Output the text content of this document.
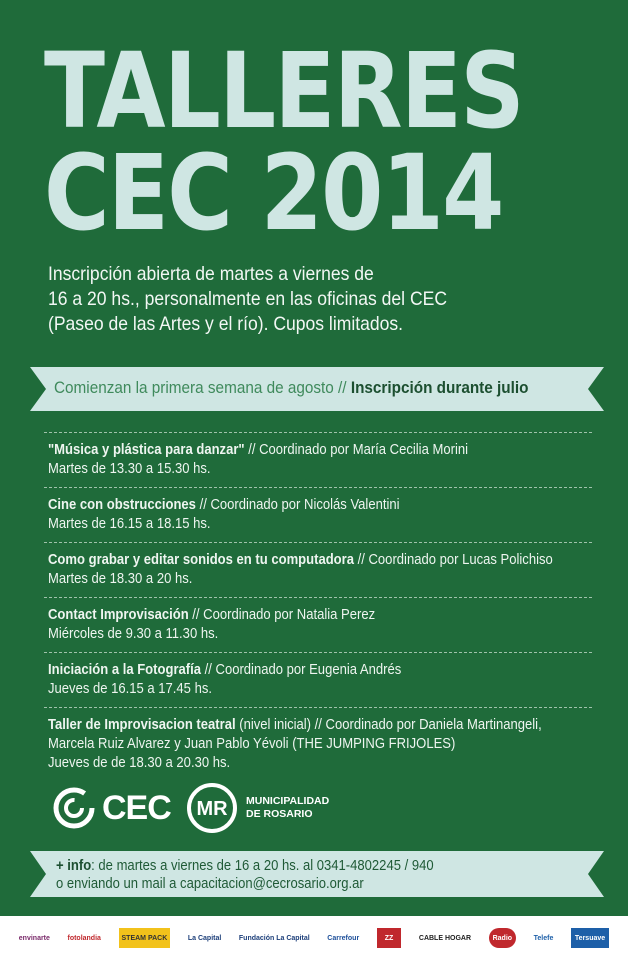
TALLERES
CEC 2014
Inscripción abierta de martes a viernes de
16 a 20 hs., personalmente en las oficinas del CEC
(Paseo de las Artes y el río). Cupos limitados.
Comienzan la primera semana de agosto // Inscripción durante julio
"Música y plástica para danzar" // Coordinado por María Cecilia Morini
Martes de 13.30 a 15.30 hs.
Cine con obstrucciones // Coordinado por Nicolás Valentini
Martes de 16.15 a 18.15 hs.
Como grabar y editar sonidos en tu computadora // Coordinado por Lucas Polichiso
Martes de 18.30 a 20 hs.
Contact Improvisación // Coordinado por Natalia Perez
Miércoles de 9.30 a 11.30 hs.
Iniciación a la Fotografía // Coordinado por Eugenia Andrés
Jueves de 16.15 a 17.45 hs.
Taller de Improvisacion teatral (nivel inicial) // Coordinado por Daniela Martinangeli,
Marcela Ruiz Alvarez y Juan Pablo Yévoli (THE JUMPING FRIJOLES)
Jueves de de 18.30 a 20.30 hs.
CEC MR MUNICIPALIDAD
DE ROSARIO
+ info: de martes a viernes de 16 a 20 hs. al 0341-4802245 / 940
o enviando un mail a capacitacion@cecrosario.org.ar
envinarte	fotolandia	STEAM PACK	La Capital	Fundación La Capital	Carrefour	ZZ	CABLE HOGAR	Radio	Telefe	Tersuave
